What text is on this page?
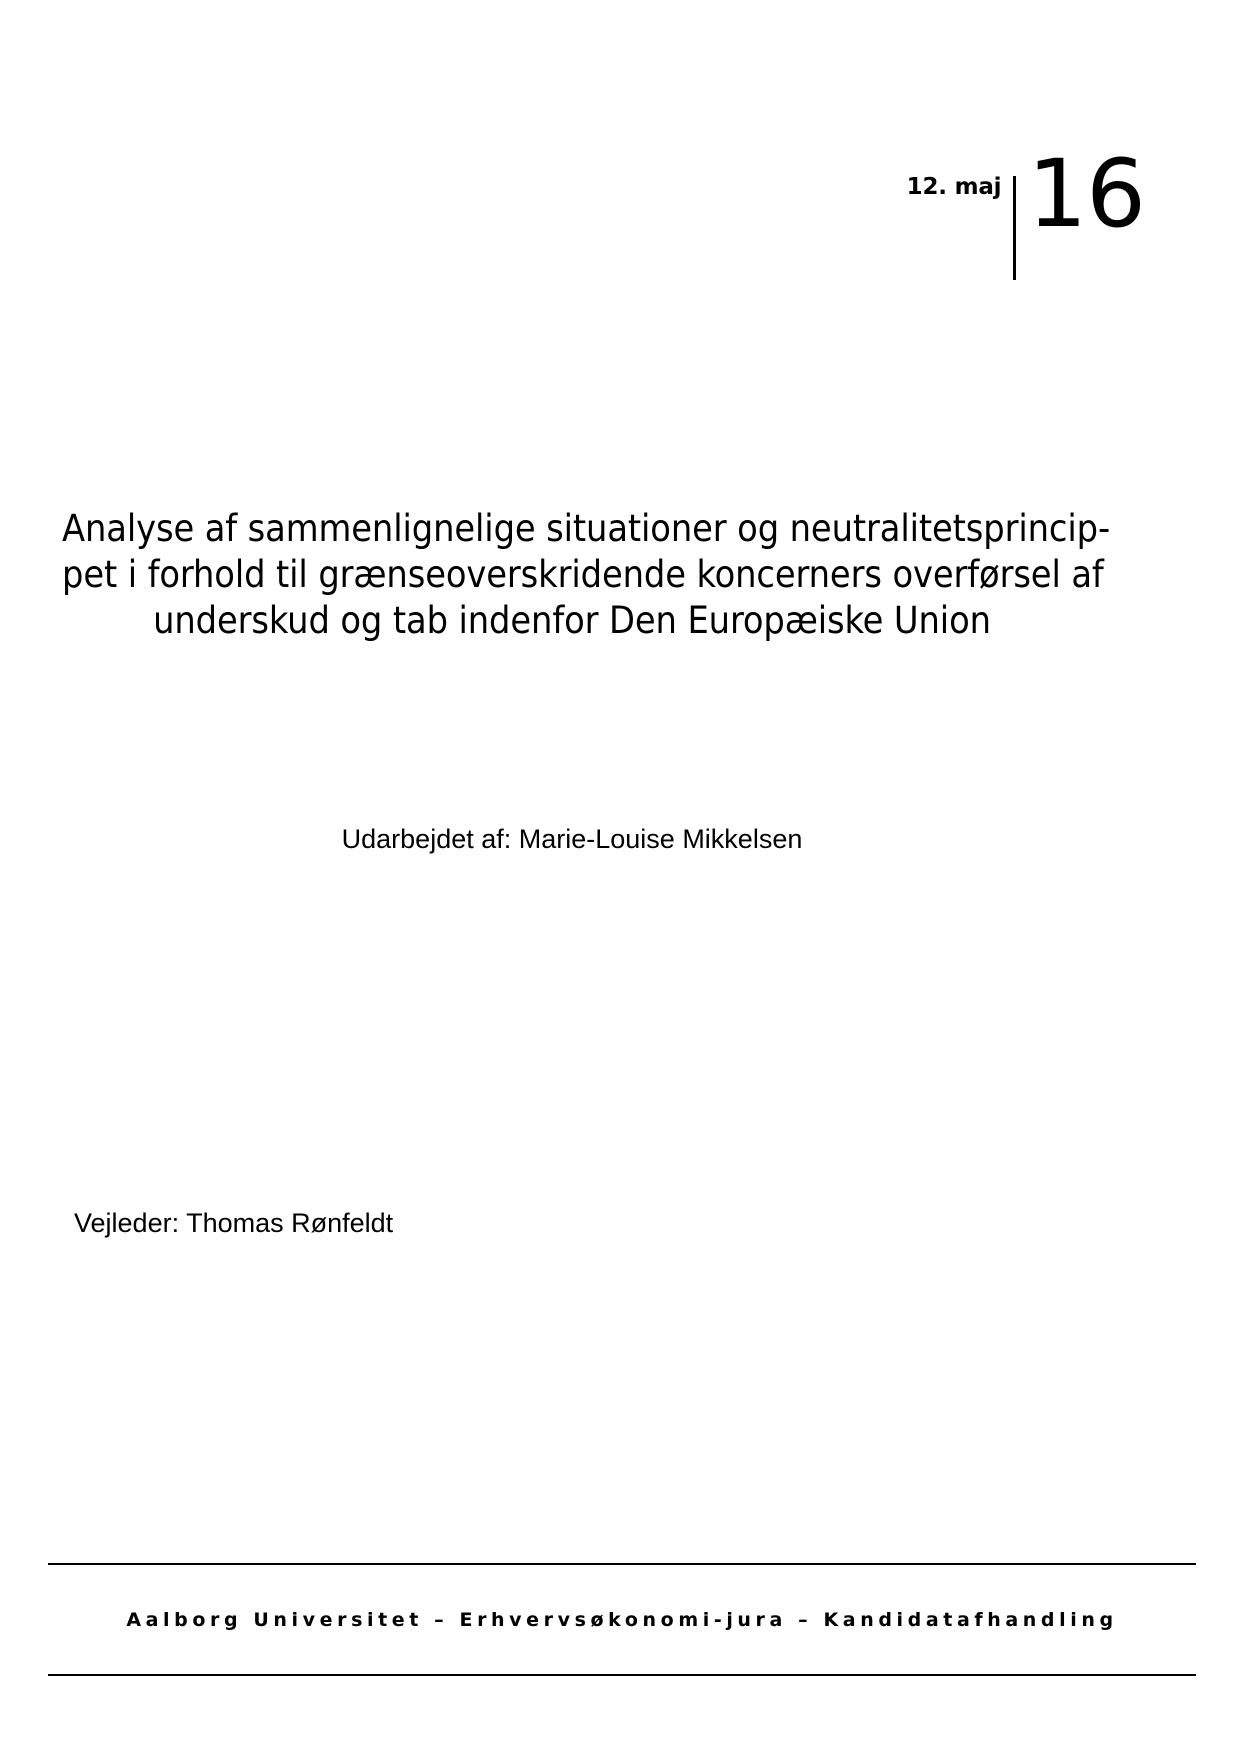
12. maj 16
Analyse af sammenlignelige situationer og neutralitetsprincip-
pet i forhold til grænseoverskridende koncerners overførsel af
underskud og tab indenfor Den Europæiske Union
Udarbejdet af: Marie-Louise Mikkelsen
Vejleder: Thomas Rønfeldt
Aalborg Universitet – Erhvervsøkonomi-jura – Kandidatafhandling
